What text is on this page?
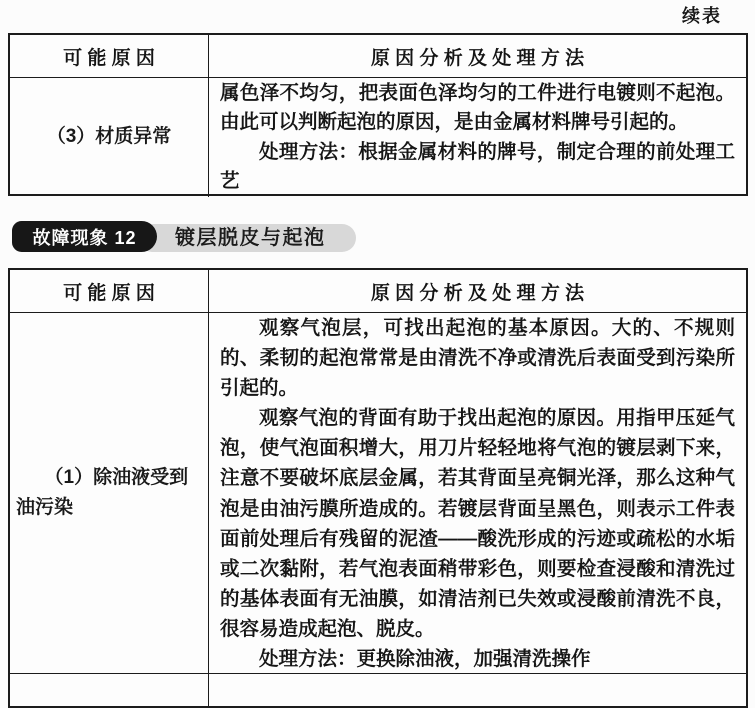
续表
可 能 原 因	原 因 分 析 及 处 理 方 法

（3）材质异常

属色泽不均匀，把表面色泽均匀的工件进行电镀则不起泡。由此可以判断起泡的原因，是由金属材料牌号引起的。

处理方法：根据金属材料的牌号，制定合理的前处理工艺

镀层脱皮与起泡
故障现象 12
可 能 原 因	原 因 分 析 及 处 理 方 法

（1）除油液受到油污染

观察气泡层，可找出起泡的基本原因。大的、不规则的、柔韧的起泡常常是由清洗不净或清洗后表面受到污染所引起的。

观察气泡的背面有助于找出起泡的原因。用指甲压延气泡，使气泡面积增大，用刀片轻轻地将气泡的镀层剥下来，注意不要破坏底层金属，若其背面呈亮铜光泽，那么这种气泡是由油污膜所造成的。若镀层背面呈黑色，则表示工件表面前处理后有残留的泥渣——酸洗形成的污迹或疏松的水垢或二次黏附，若气泡表面稍带彩色，则要检查浸酸和清洗过的基体表面有无油膜，如清洁剂已失效或浸酸前清洗不良，很容易造成起泡、脱皮。

处理方法：更换除油液，加强清洗操作
